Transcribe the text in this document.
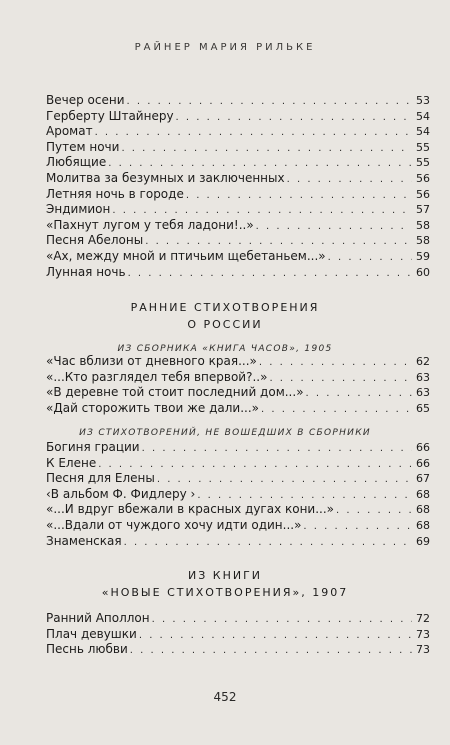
РАЙНЕР МАРИЯ РИЛЬКЕ
Вечер осени . . .	53
Герберту Штайнеру . . .	54
Аромат . . .	54
Путем ночи . . .	55
Любящие . . .	55
Молитва за безумных и заключенных . . .	56
Летняя ночь в городе . . .	56
Эндимион . . .	57
«Пахнут лугом у тебя ладони!..» . . .	58
Песня Абелоны . . .	58
«Ах, между мной и птичьим щебетаньем...» . . .	59
Лунная ночь . . .	60
РАННИЕ СТИХОТВОРЕНИЯ
О РОССИИ
ИЗ СБОРНИКА «КНИГА ЧАСОВ», 1905
«Час вблизи от дневного края...» . . .	62
«...Кто разглядел тебя впервой?..» . . .	63
«В деревне той стоит последний дом...» . . .	63
«Дай сторожить твои же дали...» . . .	65
ИЗ СТИХОТВОРЕНИЙ, НЕ ВОШЕДШИХ В СБОРНИКИ
Богиня грации . . .	66
К Елене . . .	66
Песня для Елены . . .	67
‹В альбом Ф. Фидлеру › . . .	68
«...И вдруг вбежали в красных дугах кони...» . . .	68
«...Вдали от чуждого хочу идти один...» . . .	68
Знаменская . . .	69
ИЗ КНИГИ
«НОВЫЕ СТИХОТВОРЕНИЯ», 1907
Ранний Аполлон . . .	72
Плач девушки . . .	73
Песнь любви . . .	73
452
